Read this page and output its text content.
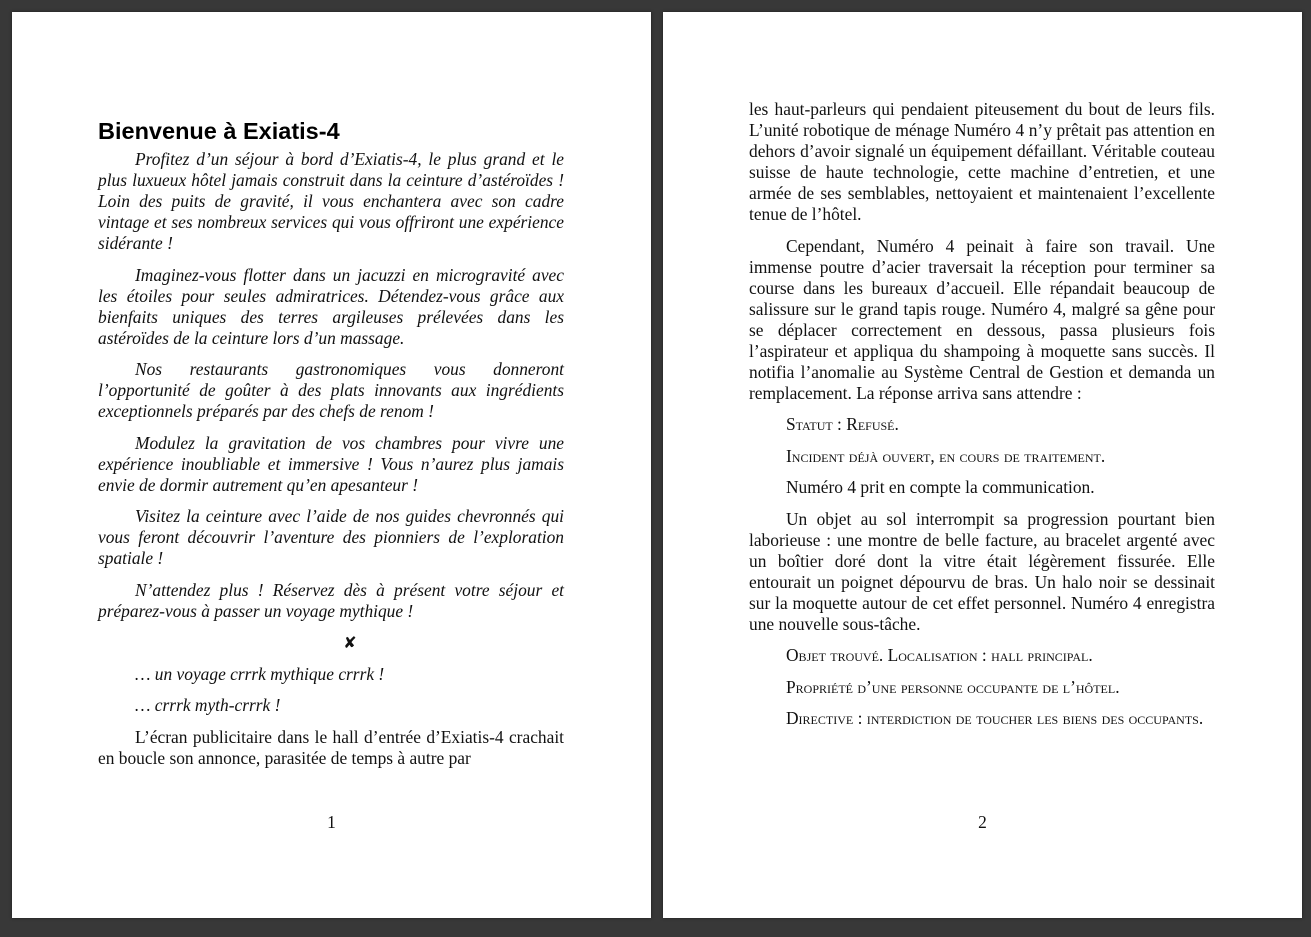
Bienvenue à Exiatis-4

Profitez d’un séjour à bord d’Exiatis-4, le plus grand et le plus luxueux hôtel jamais construit dans la ceinture d’astéroïdes ! Loin des puits de gravité, il vous enchantera avec son cadre vintage et ses nombreux services qui vous offriront une expérience sidérante !

Imaginez-vous flotter dans un jacuzzi en microgravité avec les étoiles pour seules admiratrices. Détendez-vous grâce aux bienfaits uniques des terres argileuses prélevées dans les astéroïdes de la ceinture lors d’un massage.

Nos restaurants gastronomiques vous donneront l’opportunité de goûter à des plats innovants aux ingrédients exceptionnels préparés par des chefs de renom !

Modulez la gravitation de vos chambres pour vivre une expérience inoubliable et immersive ! Vous n’aurez plus jamais envie de dormir autrement qu’en apesanteur !

Visitez la ceinture avec l’aide de nos guides chevronnés qui vous feront découvrir l’aventure des pionniers de l’exploration spatiale !

N’attendez plus ! Réservez dès à présent votre séjour et préparez-vous à passer un voyage mythique !

✘

… un voyage crrrk mythique crrrk !

… crrrk myth-crrrk !

L’écran publicitaire dans le hall d’entrée d’Exiatis-4 crachait en boucle son annonce, parasitée de temps à autre par

1

les haut-parleurs qui pendaient piteusement du bout de leurs fils. L’unité robotique de ménage Numéro 4 n’y prêtait pas attention en dehors d’avoir signalé un équipement défaillant. Véritable couteau suisse de haute technologie, cette machine d’entretien, et une armée de ses semblables, nettoyaient et maintenaient l’excellente tenue de l’hôtel.

Cependant, Numéro 4 peinait à faire son travail. Une immense poutre d’acier traversait la réception pour terminer sa course dans les bureaux d’accueil. Elle répandait beaucoup de salissure sur le grand tapis rouge. Numéro 4, malgré sa gêne pour se déplacer correctement en dessous, passa plusieurs fois l’aspirateur et appliqua du shampoing à moquette sans succès. Il notifia l’anomalie au Système Central de Gestion et demanda un remplacement. La réponse arriva sans attendre :

Statut : Refusé.

Incident déjà ouvert, en cours de traitement.

Numéro 4 prit en compte la communication.

Un objet au sol interrompit sa progression pourtant bien laborieuse : une montre de belle facture, au bracelet argenté avec un boîtier doré dont la vitre était légèrement fissurée. Elle entourait un poignet dépourvu de bras. Un halo noir se dessinait sur la moquette autour de cet effet personnel. Numéro 4 enregistra une nouvelle sous-tâche.

Objet trouvé. Localisation : hall principal.

Propriété d’une personne occupante de l’hôtel.

Directive : interdiction de toucher les biens des occupants.

2
